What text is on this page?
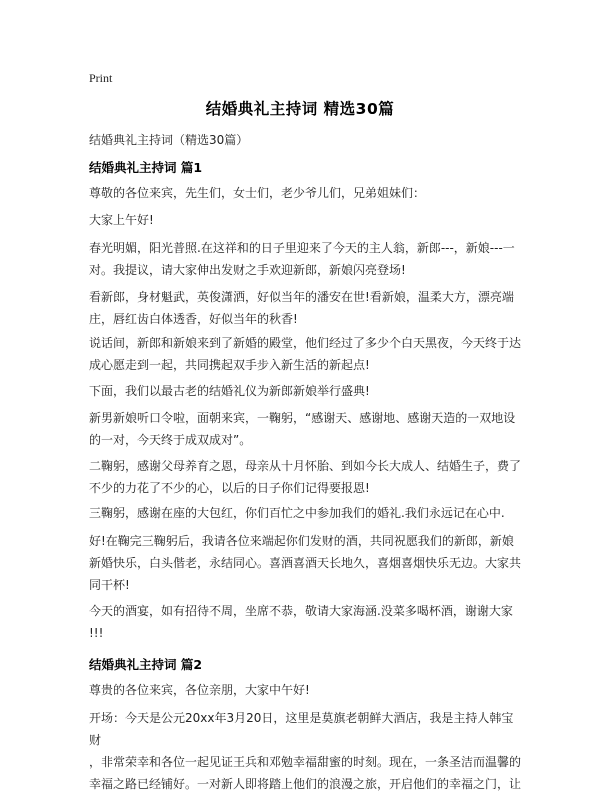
Print
结婚典礼主持词 精选30篇
结婚典礼主持词（精选30篇）
结婚典礼主持词 篇1
尊敬的各位来宾，先生们，女士们，老少爷儿们，兄弟姐妹们：
大家上午好!
春光明媚，阳光普照.在这祥和的日子里迎来了今天的主人翁，新郎---，新娘---一
对。我提议，请大家伸出发财之手欢迎新郎，新娘闪亮登场!
看新郎，身材魁武，英俊潇洒，好似当年的潘安在世!看新娘，温柔大方，漂亮端
庄，唇红齿白体透香，好似当年的秋香!
说话间，新郎和新娘来到了新婚的殿堂，他们经过了多少个白天黑夜，今天终于达
成心愿走到一起，共同携起双手步入新生活的新起点!
下面，我们以最古老的结婚礼仪为新郎新娘举行盛典!
新男新娘听口令啦，面朝来宾，一鞠躬，“感谢天、感谢地、感谢天造的一双地设
的一对，今天终于成双成对”。
二鞠躬，感谢父母养育之恩，母亲从十月怀胎、到如今长大成人、结婚生子，费了
不少的力花了不少的心，以后的日子你们记得要报恩!
三鞠躬，感谢在座的大包红，你们百忙之中参加我们的婚礼.我们永远记在心中.
好!在鞠完三鞠躬后，我请各位来端起你们发财的酒，共同祝愿我们的新郎，新娘
新婚快乐，白头偕老，永结同心。喜酒喜酒天长地久，喜烟喜烟快乐无边。大家共
同干杯!
今天的酒宴，如有招待不周，坐席不恭，敬请大家海涵.没菜多喝杯酒，谢谢大家
!!!
结婚典礼主持词 篇2
尊贵的各位来宾，各位亲朋，大家中午好!
开场：今天是公元20xx年3月20日，这里是莫旗老朝鲜大酒店，我是主持人韩宝财
，非常荣幸和各位一起见证王兵和邓勉幸福甜蜜的时刻。现在，一条圣洁而温馨的
幸福之路已经铺好。一对新人即将踏上他们的浪漫之旅，开启他们的幸福之门，让
